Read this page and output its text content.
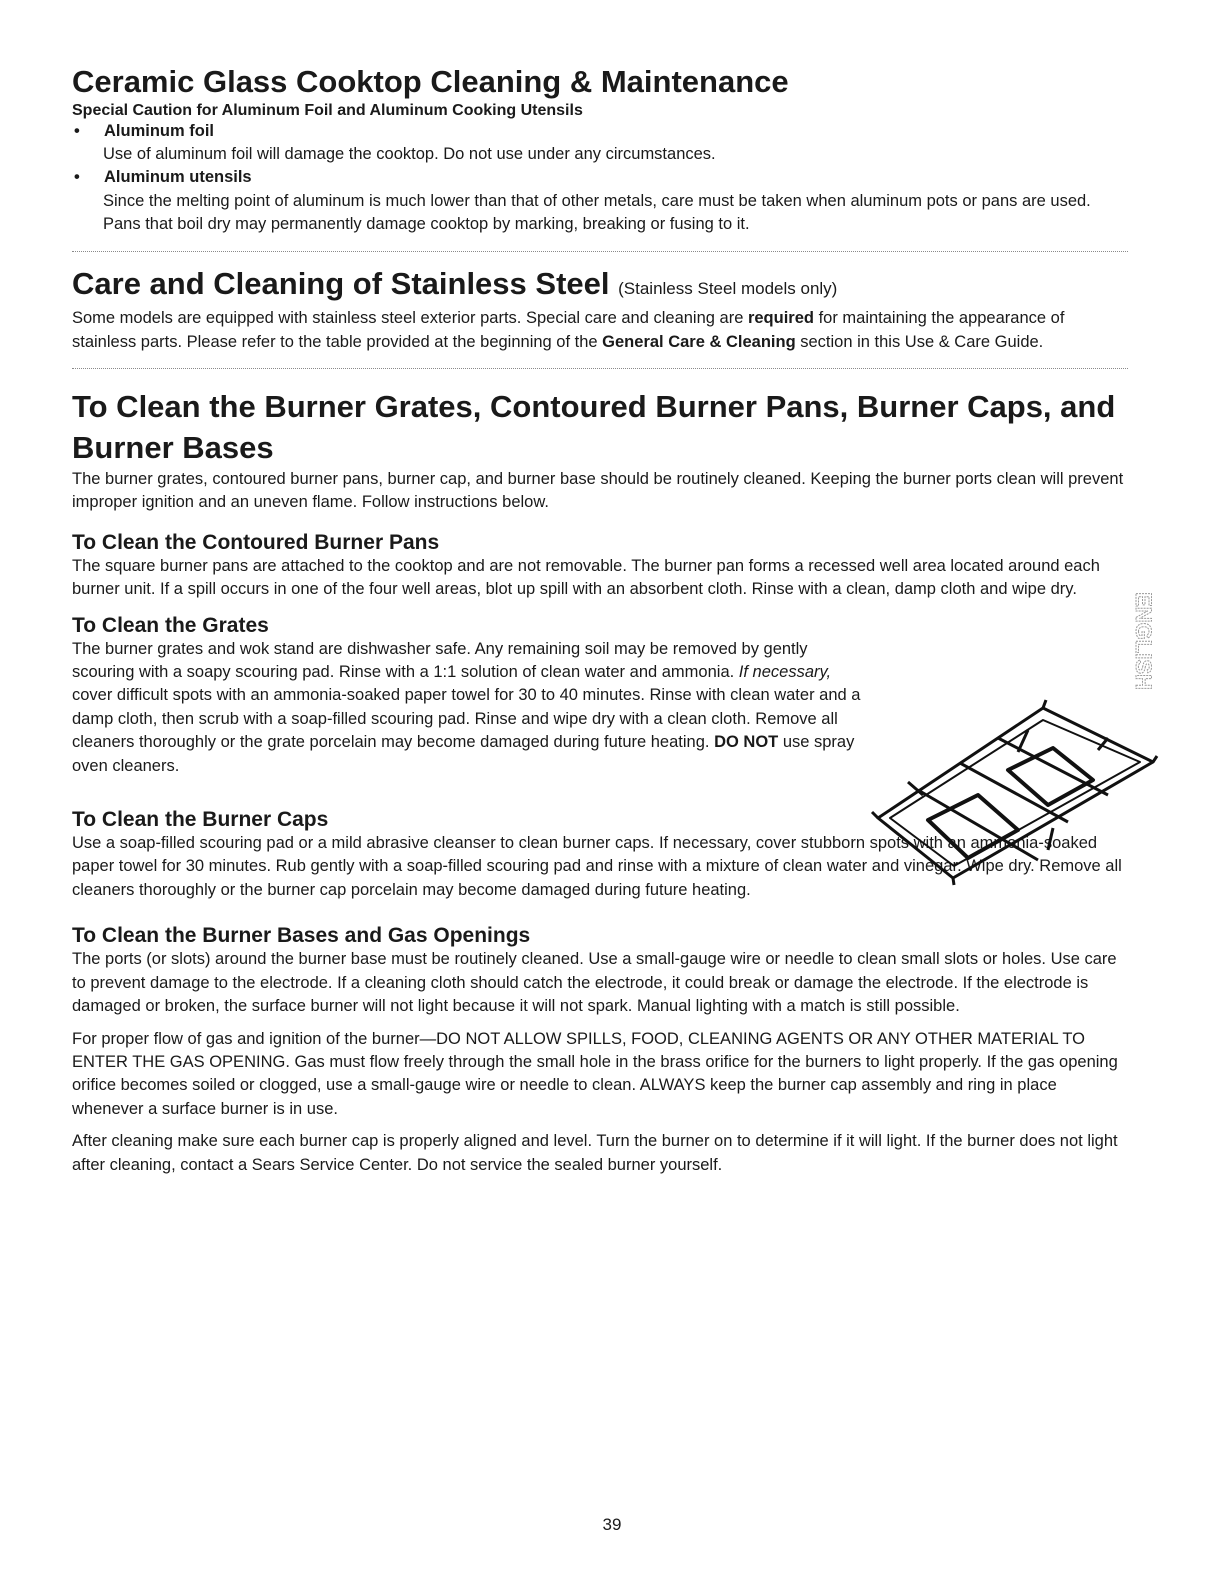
Ceramic Glass Cooktop Cleaning & Maintenance
Special Caution for Aluminum Foil and Aluminum Cooking Utensils
• Aluminum foil

Use of aluminum foil will damage the cooktop. Do not use under any circumstances.

• Aluminum utensils

Since the melting point of aluminum is much lower than that of other metals, care must be taken when aluminum pots or pans are used. Pans that boil dry may permanently damage cooktop by marking, breaking or fusing to it.

Care and Cleaning of Stainless Steel (Stainless Steel models only)

Some models are equipped with stainless steel exterior parts. Special care and cleaning are required for maintaining the appearance of stainless parts. Please refer to the table provided at the beginning of the General Care & Cleaning section in this Use & Care Guide.

To Clean the Burner Grates, Contoured Burner Pans, Burner Caps, and Burner Bases

The burner grates, contoured burner pans, burner cap, and burner base should be routinely cleaned. Keeping the burner ports clean will prevent improper ignition and an uneven flame. Follow instructions below.

To Clean the Contoured Burner Pans

The square burner pans are attached to the cooktop and are not removable. The burner pan forms a recessed well area located around each burner unit. If a spill occurs in one of the four well areas, blot up spill with an absorbent cloth. Rinse with a clean, damp cloth and wipe dry.

To Clean the Grates

The burner grates and wok stand are dishwasher safe. Any remaining soil may be removed by gently scouring with a soapy scouring pad. Rinse with a 1:1 solution of clean water and ammonia. If necessary, cover difficult spots with an ammonia-soaked paper towel for 30 to 40 minutes. Rinse with clean water and a damp cloth, then scrub with a soap-filled scouring pad. Rinse and wipe dry with a clean cloth. Remove all cleaners thoroughly or the grate porcelain may become damaged during future heating. DO NOT use spray oven cleaners.

To Clean the Burner Caps

Use a soap-filled scouring pad or a mild abrasive cleanser to clean burner caps. If necessary, cover stubborn spots with an ammonia-soaked paper towel for 30 minutes. Rub gently with a soap-filled scouring pad and rinse with a mixture of clean water and vinegar. Wipe dry. Remove all cleaners thoroughly or the burner cap porcelain may become damaged during future heating.

To Clean the Burner Bases and Gas Openings

The ports (or slots) around the burner base must be routinely cleaned. Use a small-gauge wire or needle to clean small slots or holes. Use care to prevent damage to the electrode. If a cleaning cloth should catch the electrode, it could break or damage the electrode. If the electrode is damaged or broken, the surface burner will not light because it will not spark. Manual lighting with a match is still possible.

For proper flow of gas and ignition of the burner—DO NOT ALLOW SPILLS, FOOD, CLEANING AGENTS OR ANY OTHER MATERIAL TO ENTER THE GAS OPENING. Gas must flow freely through the small hole in the brass orifice for the burners to light properly. If the gas opening orifice becomes soiled or clogged, use a small-gauge wire or needle to clean. ALWAYS keep the burner cap assembly and ring in place whenever a surface burner is in use.

After cleaning make sure each burner cap is properly aligned and level. Turn the burner on to determine if it will light. If the burner does not light after cleaning, contact a Sears Service Center. Do not service the sealed burner yourself.

ENGLISH
39
